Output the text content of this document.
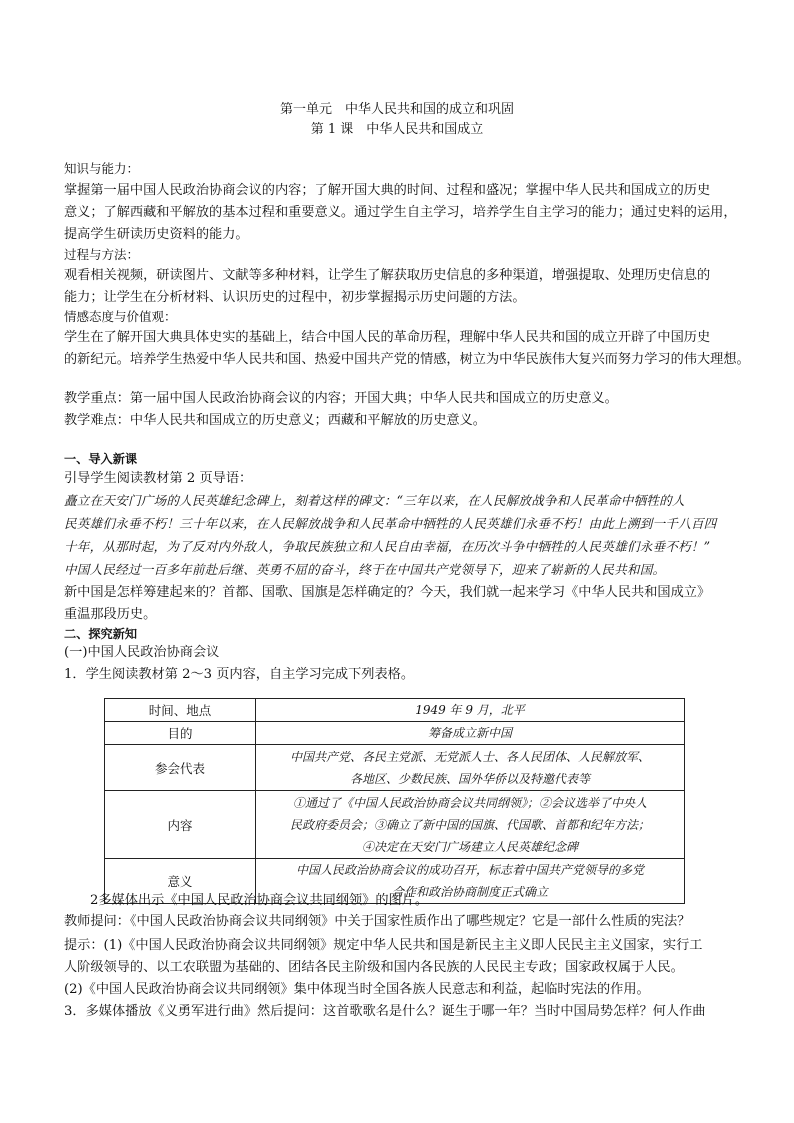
第一单元　中华人民共和国的成立和巩固
第 1 课　中华人民共和国成立
知识与能力：
掌握第一届中国人民政治协商会议的内容；了解开国大典的时间、过程和盛况；掌握中华人民共和国成立的历史
意义；了解西藏和平解放的基本过程和重要意义。通过学生自主学习，培养学生自主学习的能力；通过史料的运用，
提高学生研读历史资料的能力。
过程与方法：
观看相关视频，研读图片、文献等多种材料，让学生了解获取历史信息的多种渠道，增强提取、处理历史信息的
能力；让学生在分析材料、认识历史的过程中，初步掌握揭示历史问题的方法。
情感态度与价值观：
学生在了解开国大典具体史实的基础上，结合中国人民的革命历程，理解中华人民共和国的成立开辟了中国历史
的新纪元。培养学生热爱中华人民共和国、热爱中国共产党的情感，树立为中华民族伟大复兴而努力学习的伟大理想。
教学重点：第一届中国人民政治协商会议的内容；开国大典；中华人民共和国成立的历史意义。
教学难点：中华人民共和国成立的历史意义；西藏和平解放的历史意义。
一、导入新课
引导学生阅读教材第 2 页导语：
矗立在天安门广场的人民英雄纪念碑上，刻着这样的碑文：“三年以来，在人民解放战争和人民革命中牺牲的人
民英雄们永垂不朽！三十年以来，在人民解放战争和人民革命中牺牲的人民英雄们永垂不朽！由此上溯到一千八百四
十年，从那时起，为了反对内外敌人，争取民族独立和人民自由幸福，在历次斗争中牺牲的人民英雄们永垂不朽！”
中国人民经过一百多年前赴后继、英勇不屈的奋斗，终于在中国共产党领导下，迎来了崭新的人民共和国。
新中国是怎样筹建起来的？首都、国歌、国旗是怎样确定的？今天，我们就一起来学习《中华人民共和国成立》
重温那段历史。
二、探究新知
(一)中国人民政治协商会议
1．学生阅读教材第 2～3 页内容，自主学习完成下列表格。
时间、地点	1949 年 9 月，北平
目的	筹备成立新中国
参会代表	中国共产党、各民主党派、无党派人士、各人民团体、人民解放军、
各地区、少数民族、国外华侨以及特邀代表等

内容	①通过了《中国人民政治协商会议共同纲领》；②会议选举了中央人
民政府委员会；③确立了新中国的国旗、代国歌、首都和纪年方法；
④决定在天安门广场建立人民英雄纪念碑

意义	中国人民政治协商会议的成功召开，标志着中国共产党领导的多党
合作和政治协商制度正式确立
2多媒体出示《中国人民政治协商会议共同纲领》的图片。
教师提问：《中国人民政治协商会议共同纲领》中关于国家性质作出了哪些规定？它是一部什么性质的宪法？
提示：(1)《中国人民政治协商会议共同纲领》规定中华人民共和国是新民主主义即人民民主主义国家，实行工
人阶级领导的、以工农联盟为基础的、团结各民主阶级和国内各民族的人民民主专政；国家政权属于人民。
(2)《中国人民政治协商会议共同纲领》集中体现当时全国各族人民意志和利益，起临时宪法的作用。
3．多媒体播放《义勇军进行曲》然后提问：这首歌歌名是什么？诞生于哪一年？当时中国局势怎样？何人作曲
